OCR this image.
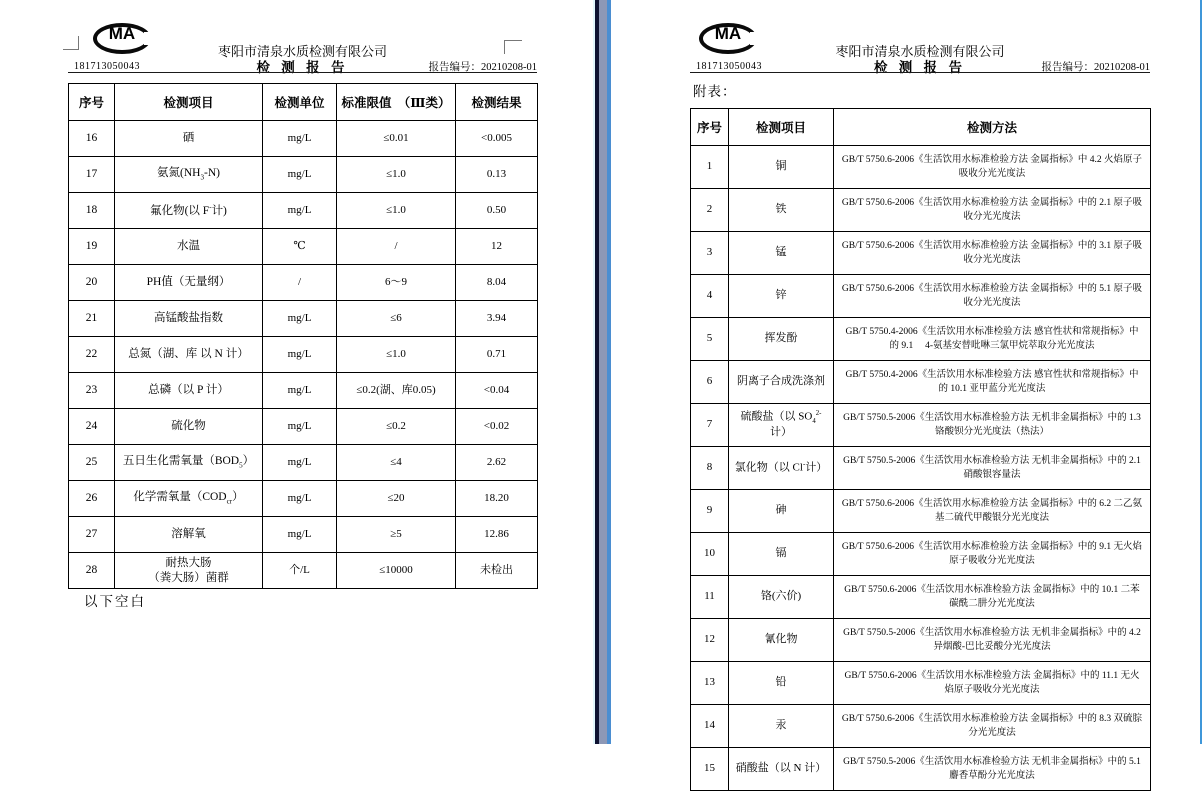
MA
枣阳市清泉水质检测有限公司
181713050043	检 测 报 告	报告编号：20210208-01
序号	检测项目	检测单位	标准限值　（Ⅲ类）	检测结果
16	硒	mg/L	≤0.01	<0.005
17	氨氮$(NH_3-N)$	mg/L	≤1.0	0.13
18	氟化物(以 F-计)	mg/L	≤1.0	0.50
19	水温	℃	/	12
20	PH值（无量纲）	/	6～9	8.04
21	高锰酸盐指数	mg/L	≤6	3.94
22	总氮（湖、库 以 N 计）	mg/L	≤1.0	0.71
23	总磷（以 P 计）	mg/L	≤0.2(湖、库0.05)	<0.04
24	硫化物	mg/L	≤0.2	<0.02
25	五日生化需氧量$(BOD_5)$	mg/L	≤4	2.62
26	化学需氧量$(COD_{cr})$	mg/L	≤20	18.20
27	溶解氧	mg/L	≥5	12.86
28	耐热大肠
（粪大肠）菌群	个/L	≤10000	未检出
以下空白
MA
枣阳市清泉水质检测有限公司
181713050043	检 测 报 告	报告编号：20210208-01
附表：
序号	检测项目	检测方法
1	铜	GB/T 5750.6-2006《生活饮用水标准检验方法 金属指标》中 4.2 火焰原子吸收分光光度法
2	铁	GB/T 5750.6-2006《生活饮用水标准检验方法 金属指标》中的 2.1 原子吸收分光光度法
3	锰	GB/T 5750.6-2006《生活饮用水标准检验方法 金属指标》中的 3.1 原子吸收分光光度法
4	锌	GB/T 5750.6-2006《生活饮用水标准检验方法 金属指标》中的 5.1 原子吸收分光光度法
5	挥发酚	GB/T 5750.4-2006《生活饮用水标准检验方法 感官性状和常规指标》中的 9.1　 4-氨基安替吡啉三氯甲烷萃取分光光度法
6	阴离子合成洗涤剂	GB/T 5750.4-2006《生活饮用水标准检验方法 感官性状和常规指标》中的 10.1 亚甲蓝分光光度法
7	硫酸盐（以 $SO_4^{2-}$计）	GB/T 5750.5-2006《生活饮用水标准检验方法 无机非金属指标》中的 1.3 铬酸钡分光光度法（热法）
8	氯化物（以 Cl-计）	GB/T 5750.5-2006《生活饮用水标准检验方法 无机非金属指标》中的 2.1 硝酸银容量法
9	砷	GB/T 5750.6-2006《生活饮用水标准检验方法 金属指标》中的 6.2 二乙氨基二硫代甲酸银分光光度法
10	镉	GB/T 5750.6-2006《生活饮用水标准检验方法 金属指标》中的 9.1 无火焰原子吸收分光光度法
11	铬(六价)	GB/T 5750.6-2006《生活饮用水标准检验方法 金属指标》中的 10.1 二苯碳酰二肼分光光度法
12	氰化物	GB/T 5750.5-2006《生活饮用水标准检验方法 无机非金属指标》中的 4.2 异烟酸-巴比妥酸分光光度法
13	铅	GB/T 5750.6-2006《生活饮用水标准检验方法 金属指标》中的 11.1 无火焰原子吸收分光光度法
14	汞	GB/T 5750.6-2006《生活饮用水标准检验方法 金属指标》中的 8.3 双硫腙分光光度法
15	硝酸盐（以 N 计）	GB/T 5750.5-2006《生活饮用水标准检验方法 无机非金属指标》中的 5.1 麝香草酚分光光度法
